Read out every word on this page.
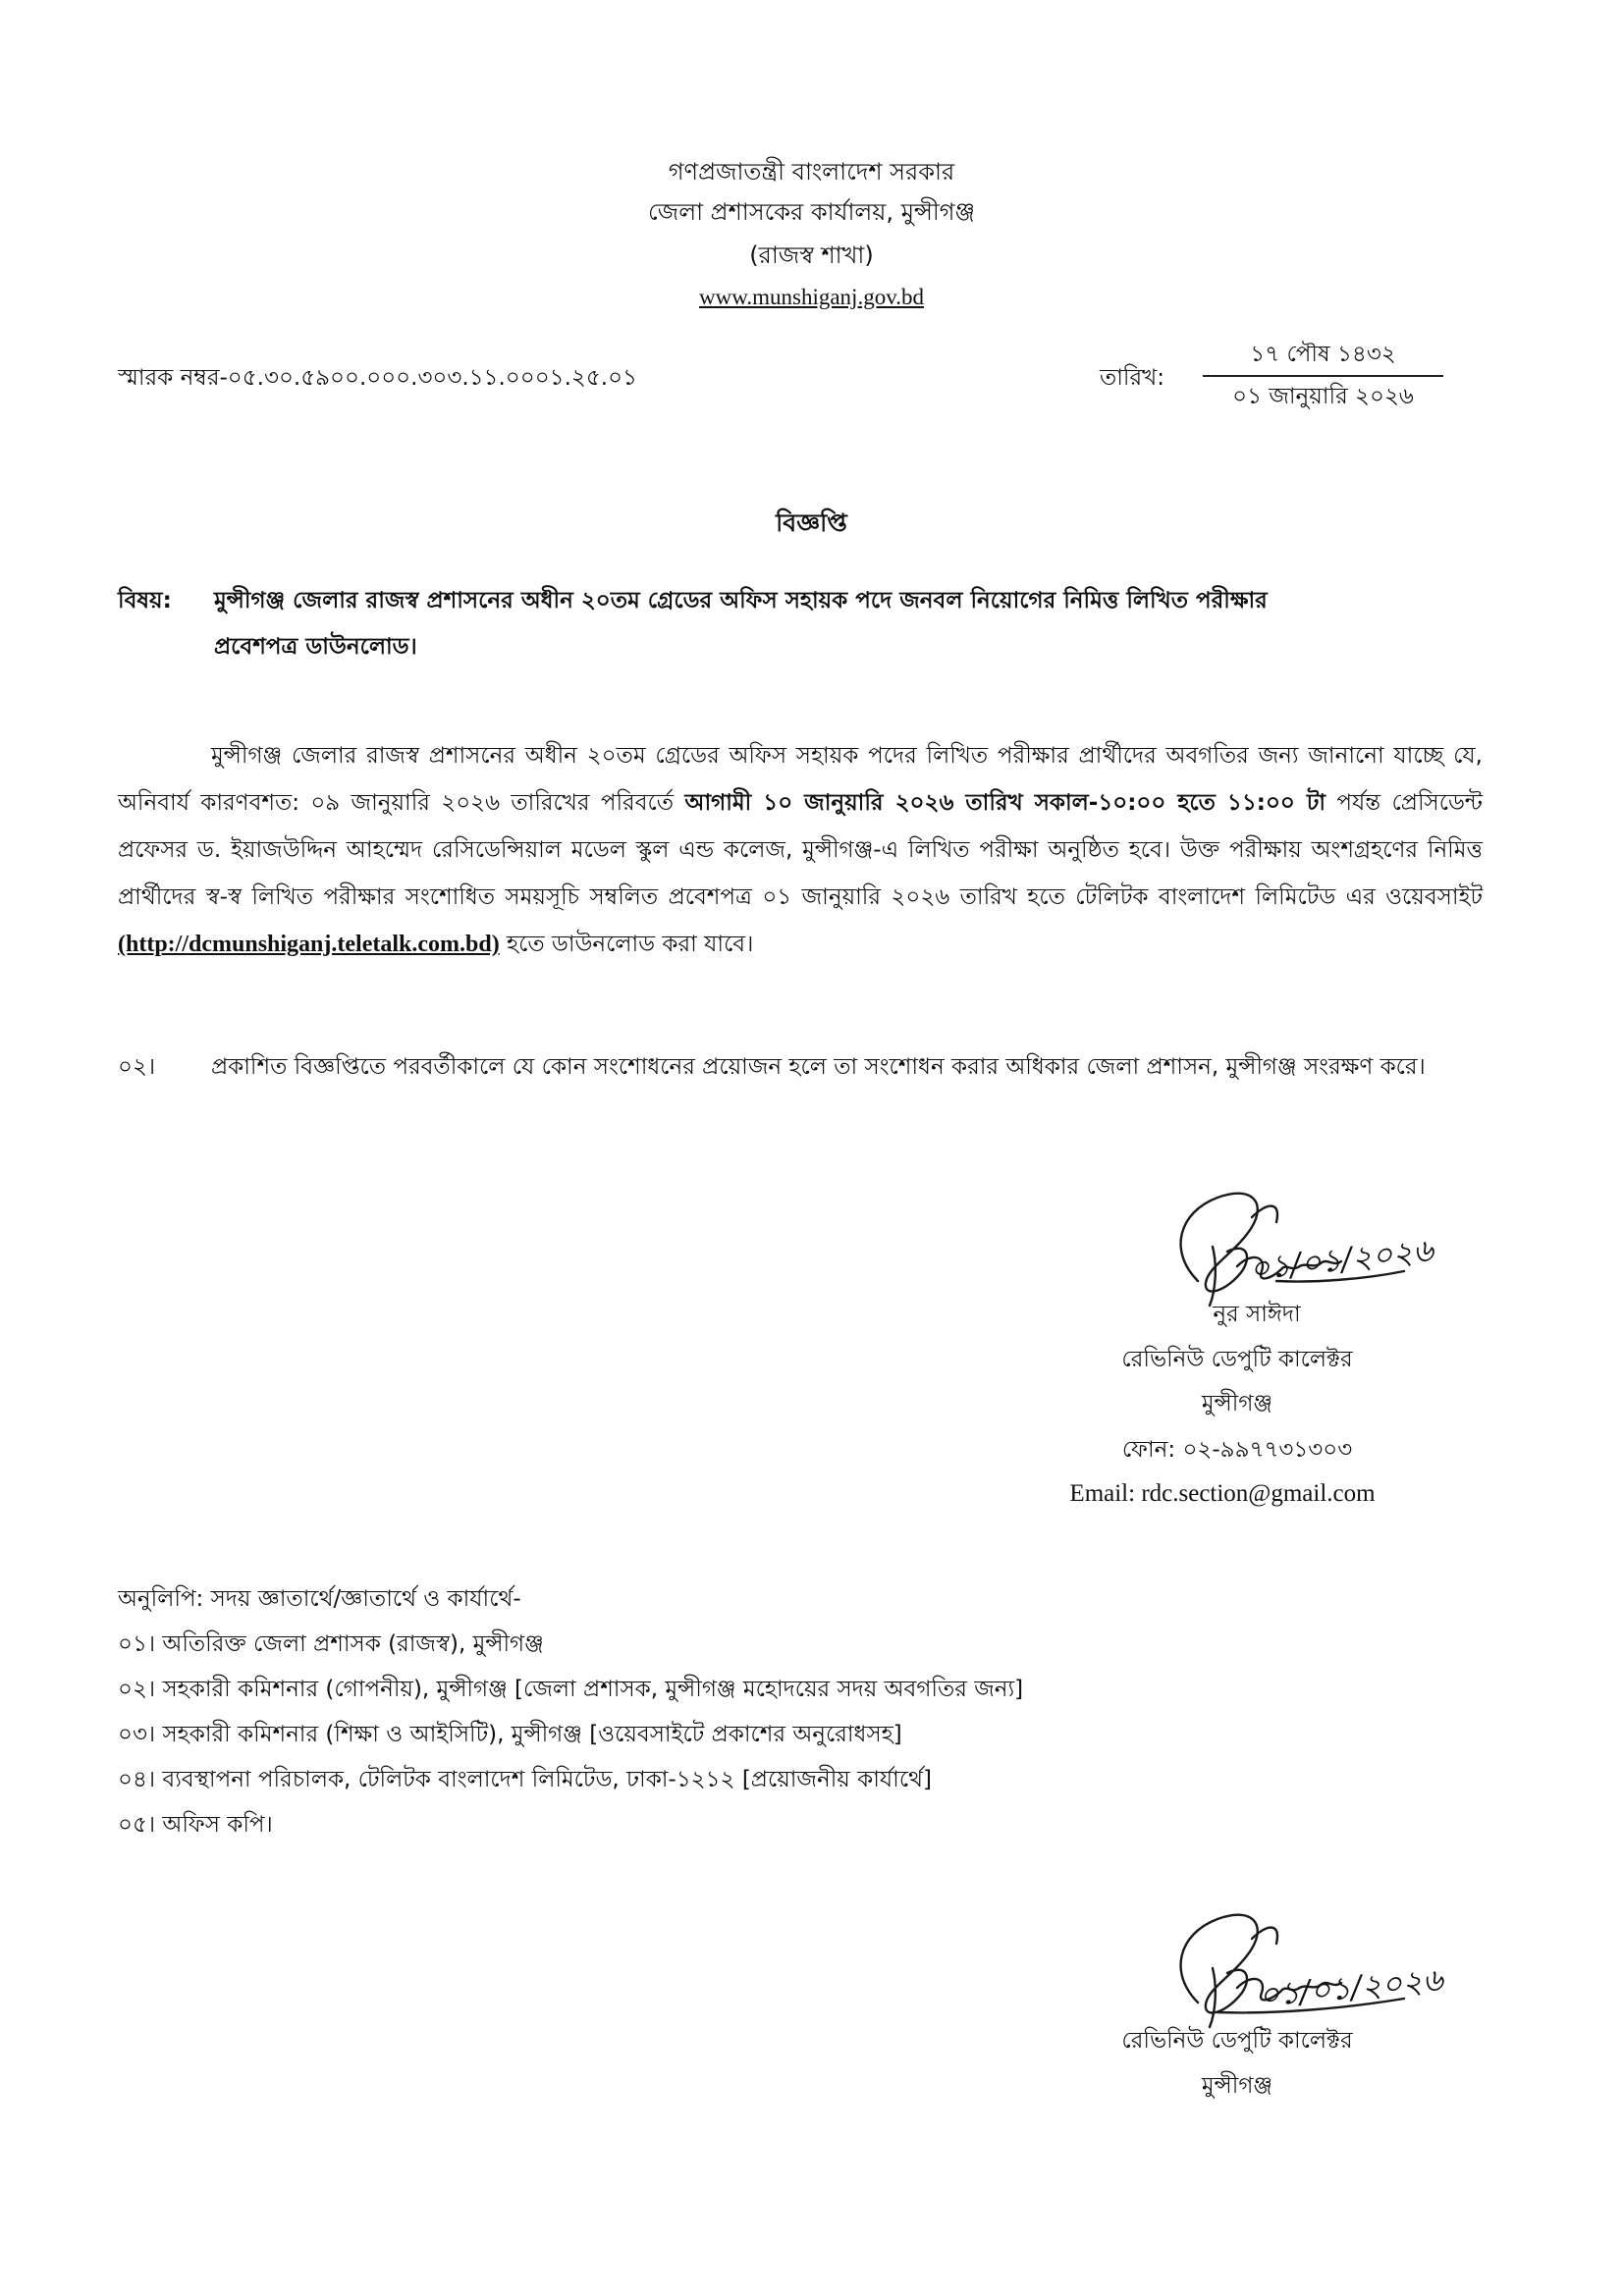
গণপ্রজাতন্ত্রী বাংলাদেশ সরকার
জেলা প্রশাসকের কার্যালয়, মুন্সীগঞ্জ
(রাজস্ব শাখা)
www.munshiganj.gov.bd
স্মারক নম্বর-০৫.৩০.৫৯০০.০০০.৩০৩.১১.০০০১.২৫.০১	তারিখ:
১৭ পৌষ ১৪৩২
০১ জানুয়ারি ২০২৬
বিজ্ঞপ্তি
বিষয়: মুন্সীগঞ্জ জেলার রাজস্ব প্রশাসনের অধীন ২০তম গ্রেডের অফিস সহায়ক পদে জনবল নিয়োগের নিমিত্ত লিখিত পরীক্ষার
প্রবেশপত্র ডাউনলোড।
মুন্সীগঞ্জ জেলার রাজস্ব প্রশাসনের অধীন ২০তম গ্রেডের অফিস সহায়ক পদের লিখিত পরীক্ষার প্রার্থীদের অবগতির জন্য জানানো যাচ্ছে যে, অনিবার্য কারণবশত: ০৯ জানুয়ারি ২০২৬ তারিখের পরিবর্তে আগামী ১০ জানুয়ারি ২০২৬ তারিখ সকাল-১০:০০ হতে ১১:০০ টা পর্যন্ত প্রেসিডেন্ট প্রফেসর ড. ইয়াজউদ্দিন আহম্মেদ রেসিডেন্সিয়াল মডেল স্কুল এন্ড কলেজ, মুন্সীগঞ্জ-এ লিখিত পরীক্ষা অনুষ্ঠিত হবে। উক্ত পরীক্ষায় অংশগ্রহণের নিমিত্ত প্রার্থীদের স্ব-স্ব লিখিত পরীক্ষার সংশোধিত সময়সূচি সম্বলিত প্রবেশপত্র ০১ জানুয়ারি ২০২৬ তারিখ হতে টেলিটক বাংলাদেশ লিমিটেড এর ওয়েবসাইট (http://dcmunshiganj.teletalk.com.bd) হতে ডাউনলোড করা যাবে।
০২।	প্রকাশিত বিজ্ঞপ্তিতে পরবর্তীকালে যে কোন সংশোধনের প্রয়োজন হলে তা সংশোধন করার অধিকার জেলা প্রশাসন, মুন্সীগঞ্জ সংরক্ষণ করে।
০১/০১/২০২৬
নুর সাঈদা
রেভিনিউ ডেপুটি কালেক্টর
মুন্সীগঞ্জ
ফোন: ০২-৯৯৭৭৩১৩০৩
Email: rdc.section@gmail.com
অনুলিপি: সদয় জ্ঞাতার্থে/জ্ঞাতার্থে ও কার্যার্থে-
০১। অতিরিক্ত জেলা প্রশাসক (রাজস্ব), মুন্সীগঞ্জ
০২। সহকারী কমিশনার (গোপনীয়), মুন্সীগঞ্জ [জেলা প্রশাসক, মুন্সীগঞ্জ মহোদয়ের সদয় অবগতির জন্য]
০৩। সহকারী কমিশনার (শিক্ষা ও আইসিটি), মুন্সীগঞ্জ [ওয়েবসাইটে প্রকাশের অনুরোধসহ]
০৪। ব্যবস্থাপনা পরিচালক, টেলিটক বাংলাদেশ লিমিটেড, ঢাকা-১২১২ [প্রয়োজনীয় কার্যার্থে]
০৫। অফিস কপি।
০১/০১/২০২৬
রেভিনিউ ডেপুটি কালেক্টর
মুন্সীগঞ্জ
